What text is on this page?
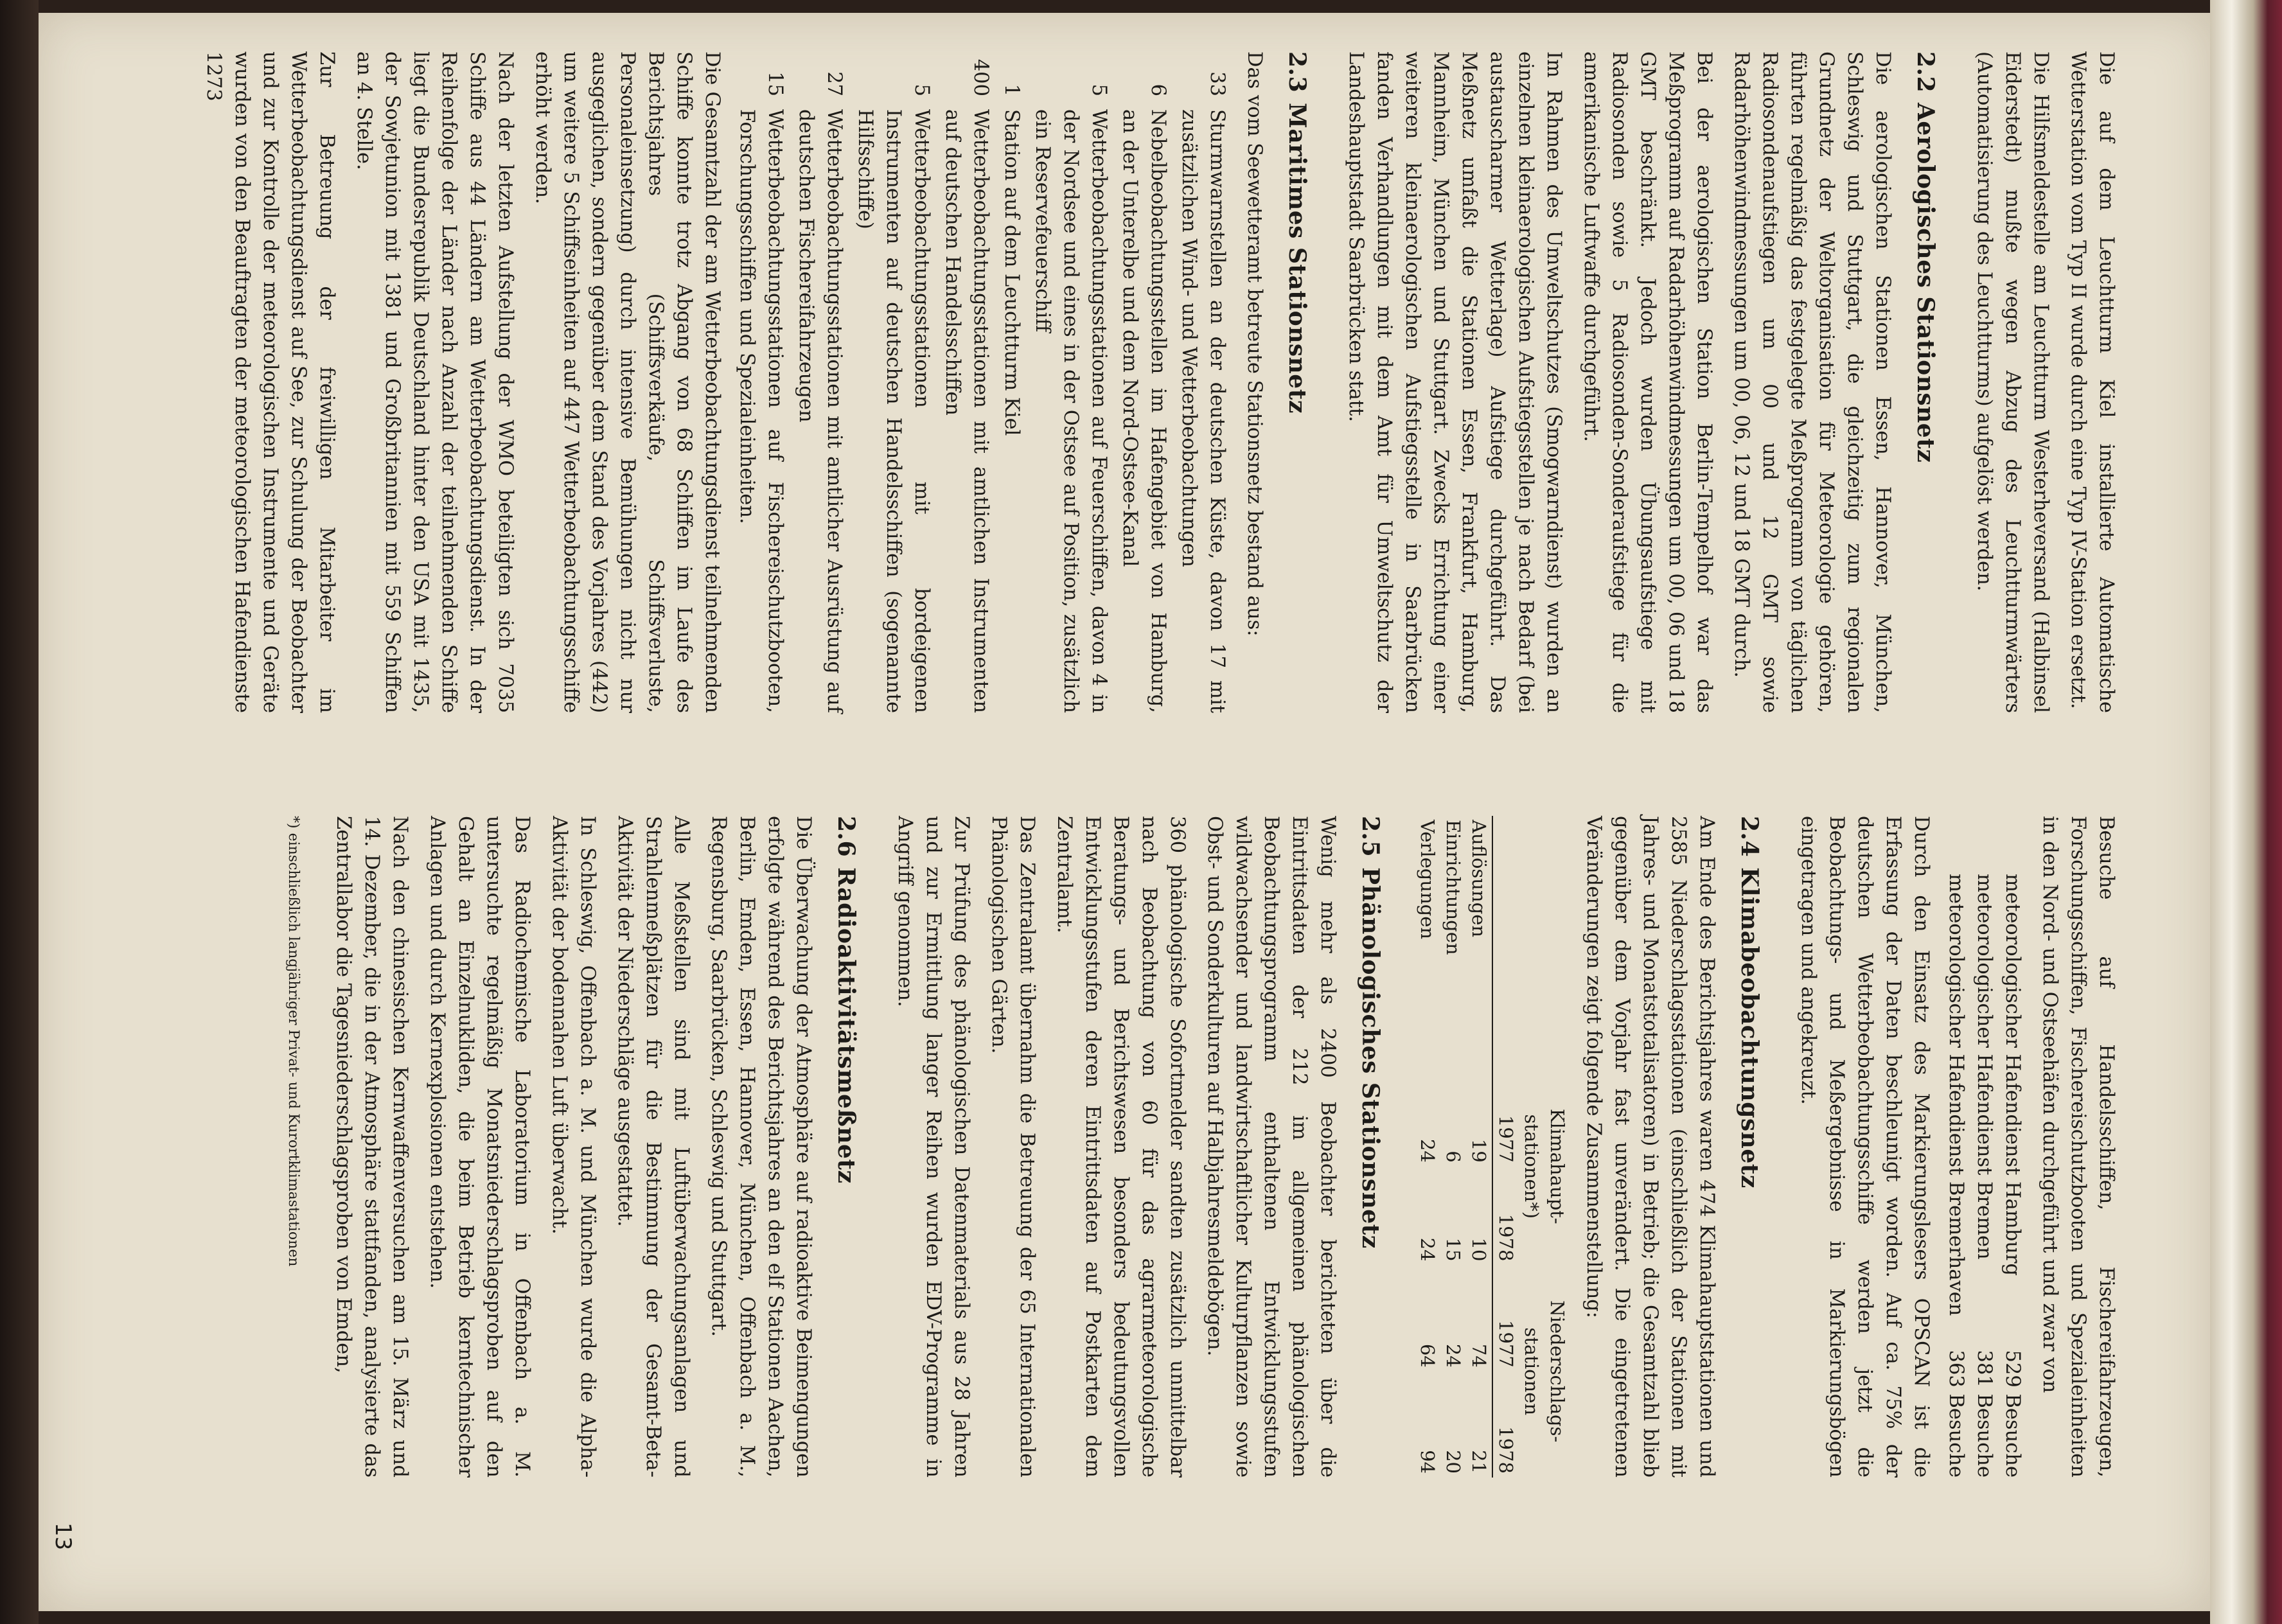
Die auf dem Leuchtturm Kiel installierte Automatische Wetterstation vom Typ II wurde durch eine Typ IV-Station ersetzt.

Die Hilfsmeldestelle am Leuchtturm Westerheversand (Halbinsel Eiderstedt) mußte wegen Abzug des Leuchtturmwärters (Automatisierung des Leuchtturms) aufgelöst werden.

2.2Aerologisches Stationsnetz

Die aerologischen Stationen Essen, Hannover, München, Schleswig und Stuttgart, die gleichzeitig zum regionalen Grundnetz der Weltorganisation für Meteorologie gehören, führten regelmäßig das festgelegte Meßprogramm von täglichen Radiosondenaufstiegen um 00 und 12 GMT sowie Radarhöhenwindmessungen um 00, 06, 12 und 18 GMT durch.

Bei der aerologischen Station Berlin-Tempelhof war das Meßprogramm auf Radarhöhenwindmessungen um 00, 06 und 18 GMT beschränkt. Jedoch wurden Übungsaufstiege mit Radiosonden sowie 5 Radiosonden-Sonderaufstiege für die amerikanische Luftwaffe durchgeführt.

Im Rahmen des Umweltschutzes (Smogwarndienst) wurden an einzelnen kleinaerologischen Aufstiegsstellen je nach Bedarf (bei austauscharmer Wetterlage) Aufstiege durchgeführt. Das Meßnetz umfaßt die Stationen Essen, Frankfurt, Hamburg, Mannheim, München und Stuttgart. Zwecks Errichtung einer weiteren kleinaerologischen Aufstiegsstelle in Saarbrücken fanden Verhandlungen mit dem Amt für Umweltschutz der Landeshauptstadt Saarbrücken statt.

2.3Maritimes Stationsnetz

Das vom Seewetteramt betreute Stationsnetz bestand aus:

33
Sturmwarnstellen an der deutschen Küste, davon 17 mit zusätzlichen Wind- und Wetterbeobachtungen
6
Nebelbeobachtungsstellen im Hafengebiet von Hamburg, an der Unterelbe und dem Nord-Ostsee-Kanal
5
Wetterbeobachtungsstationen auf Feuerschiffen, davon 4 in der Nordsee und eines in der Ostsee auf Position, zusätzlich ein Reservefeuerschiff
1
Station auf dem Leuchtturm Kiel
400
Wetterbeobachtungsstationen mit amtlichen Instrumenten auf deutschen Handelsschiffen
5
Wetterbeobachtungsstationen mit bordeigenen Instrumenten auf deutschen Handelsschiffen (sogenannte Hilfsschiffe)
27
Wetterbeobachtungsstationen mit amtlicher Ausrüstung auf deutschen Fischereifahrzeugen
15
Wetterbeobachtungsstationen auf Fischereischutzbooten, Forschungsschiffen und Spezialeinheiten.

Die Gesamtzahl der am Wetterbeobachtungsdienst teilnehmenden Schiffe konnte trotz Abgang von 68 Schiffen im Laufe des Berichtsjahres (Schiffsverkäufe, Schiffsverluste, Personaleinsetzung) durch intensive Bemühungen nicht nur ausgeglichen, sondern gegenüber dem Stand des Vorjahres (442) um weitere 5 Schiffseinheiten auf 447 Wetterbeobachtungsschiffe erhöht werden.

Nach der letzten Aufstellung der WMO beteiligten sich 7035 Schiffe aus 44 Ländern am Wetterbeobachtungsdienst. In der Reihenfolge der Länder nach Anzahl der teilnehmenden Schiffe liegt die Bundesrepublik Deutschland hinter den USA mit 1435, der Sowjetunion mit 1381 und Großbritannien mit 559 Schiffen an 4. Stelle.

Zur Betreuung der freiwilligen Mitarbeiter im Wetterbeobachtungsdienst auf See, zur Schulung der Beobachter und zur Kontrolle der meteorologischen Instrumente und Geräte wurden von den Beauftragten der meteorologischen Hafendienste 1273

Besuche auf Handelsschiffen, Fischereifahrzeugen, Forschungsschiffen, Fischereischutzbooten und Spezialeinheiten in den Nord- und Ostseehäfen durchgeführt und zwar von

meteorologischer Hafendienst Hamburg
529 Besuche
meteorologischer Hafendienst Bremen
381 Besuche
meteorologischer Hafendienst Bremerhaven
363 Besuche

Durch den Einsatz des Markierungslesers OPSCAN ist die Erfassung der Daten beschleunigt worden. Auf ca. 75% der deutschen Wetterbeobachtungsschiffe werden jetzt die Beobachtungs- und Meßergebnisse in Markierungsbögen eingetragen und angekreuzt.

2.4Klimabeobachtungsnetz

Am Ende des Berichtsjahres waren 474 Klimahauptstationen und 2585 Niederschlagsstationen (einschließlich der Stationen mit Jahres- und Monatstotalisatoren) in Betrieb; die Gesamtzahl blieb gegenüber dem Vorjahr fast unverändert. Die eingetretenen Veränderungen zeigt folgende Zusammenstellung:

	Klimahaupt-stationen*)		Niederschlags-stationen	
	1977	1978	1977	1978
Auflösungen	19	10	74	21
Einrichtungen	6	15	24	20
Verlegungen	24	24	64	94
2.5Phänologisches Stationsnetz

Wenig mehr als 2400 Beobachter berichteten über die Eintrittsdaten der 212 im allgemeinen phänologischen Beobachtungsprogramm enthaltenen Entwicklungsstufen wildwachsender und landwirtschaftlicher Kulturpflanzen sowie Obst- und Sonderkulturen auf Halbjahresmeldebögen.

360 phänologische Sofortmelder sandten zusätzlich unmittelbar nach Beobachtung von 60 für das agrarmeteorologische Beratungs- und Berichtswesen besonders bedeutungsvollen Entwicklungsstufen deren Eintrittsdaten auf Postkarten dem Zentralamt.

Das Zentralamt übernahm die Betreuung der 65 Internationalen Phänologischen Gärten.

Zur Prüfung des phänologischen Datenmaterials aus 28 Jahren und zur Ermittlung langer Reihen wurden EDV-Programme in Angriff genommen.

2.6Radioaktivitätsmeßnetz

Die Überwachung der Atmosphäre auf radioaktive Beimengungen erfolgte während des Berichtsjahres an den elf Stationen Aachen, Berlin, Emden, Essen, Hannover, München, Offenbach a. M., Regensburg, Saarbrücken, Schleswig und Stuttgart.

Alle Meßstellen sind mit Luftüberwachungsanlagen und Strahlenmeßplätzen für die Bestimmung der Gesamt-Beta-Aktivität der Niederschläge ausgestattet.

In Schleswig, Offenbach a. M. und München wurde die Alpha-Aktivität der bodennahen Luft überwacht.

Das Radiochemische Laboratorium in Offenbach a. M. untersuchte regelmäßig Monatsniederschlagsproben auf den Gehalt an Einzelnukliden, die beim Betrieb kerntechnischer Anlagen und durch Kernexplosionen entstehen.

Nach den chinesischen Kernwaffenversuchen am 15. März und 14. Dezember, die in der Atmosphäre stattfanden, analysierte das Zentrallabor die Tagesniederschlagsproben von Emden,

*) einschließlich langjähriger Privat- und Kurortklimastationen
13
